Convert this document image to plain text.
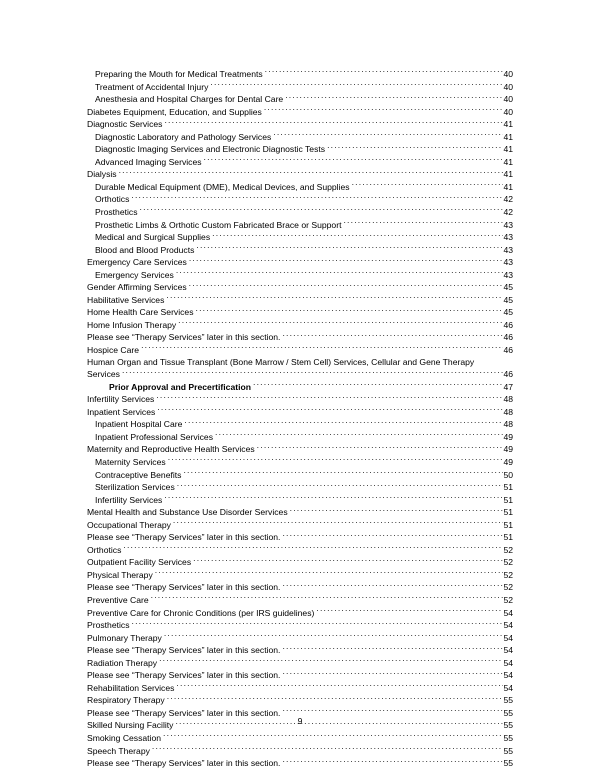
Preparing the Mouth for Medical Treatments . . .	40
Treatment of Accidental Injury . . .	40
Anesthesia and Hospital Charges for Dental Care . . .	40
Diabetes Equipment, Education, and Supplies . . .	40
Diagnostic Services . . .	41
Diagnostic Laboratory and Pathology Services . . .	41
Diagnostic Imaging Services and Electronic Diagnostic Tests . . .	41
Advanced Imaging Services . . .	41
Dialysis . . .	41
Durable Medical Equipment (DME), Medical Devices, and Supplies . . .	41
Orthotics . . .	42
Prosthetics . . .	42
Prosthetic Limbs & Orthotic Custom Fabricated Brace or Support . . .	43
Medical and Surgical Supplies . . .	43
Blood and Blood Products . . .	43
Emergency Care Services . . .	43
Emergency Services . . .	43
Gender Affirming Services . . .	45
Habilitative Services . . .	45
Home Health Care Services . . .	45
Home Infusion Therapy . . .	46
Please see “Therapy Services” later in this section. . . .	46
Hospice Care . . .	46
Human Organ and Tissue Transplant (Bone Marrow / Stem Cell) Services, Cellular and Gene Therapy
Services . . .	46
Prior Approval and Precertification . . .	47
Infertility Services . . .	48
Inpatient Services . . .	48
Inpatient Hospital Care . . .	48
Inpatient Professional Services . . .	49
Maternity and Reproductive Health Services . . .	49
Maternity Services . . .	49
Contraceptive Benefits . . .	50
Sterilization Services . . .	51
Infertility Services . . .	51
Mental Health and Substance Use Disorder Services . . .	51
Occupational Therapy . . .	51
Please see “Therapy Services” later in this section. . . .	51
Orthotics . . .	52
Outpatient Facility Services . . .	52
Physical Therapy . . .	52
Please see “Therapy Services” later in this section. . . .	52
Preventive Care . . .	52
Preventive Care for Chronic Conditions (per IRS guidelines) . . .	54
Prosthetics . . .	54
Pulmonary Therapy . . .	54
Please see “Therapy Services” later in this section. . . .	54
Radiation Therapy . . .	54
Please see “Therapy Services” later in this section. . . .	54
Rehabilitation Services . . .	54
Respiratory Therapy . . .	55
Please see “Therapy Services” later in this section. . . .	55
Skilled Nursing Facility . . .	55
Smoking Cessation . . .	55
Speech Therapy . . .	55
Please see “Therapy Services” later in this section. . . .	55
9
